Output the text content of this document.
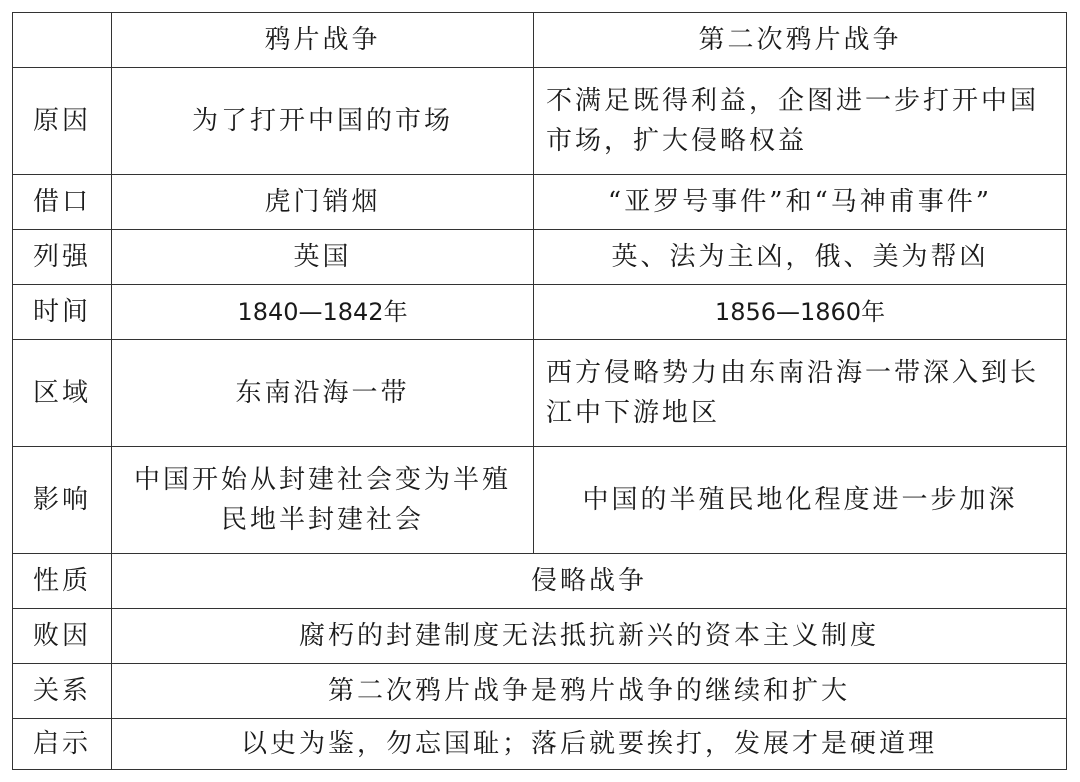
	鸦片战争	第二次鸦片战争
原因	为了打开中国的市场	不满足既得利益，企图进一步打开中国市场，扩大侵略权益
借口	虎门销烟	“亚罗号事件”和“马神甫事件”
列强	英国	英、法为主凶，俄、美为帮凶
时间	1840—1842年	1856—1860年
区域	东南沿海一带	西方侵略势力由东南沿海一带深入到长江中下游地区
影响	中国开始从封建社会变为半殖民地半封建社会	中国的半殖民地化程度进一步加深
性质	侵略战争	
败因	腐朽的封建制度无法抵抗新兴的资本主义制度	
关系	第二次鸦片战争是鸦片战争的继续和扩大	
启示	以史为鉴，勿忘国耻；落后就要挨打，发展才是硬道理	
